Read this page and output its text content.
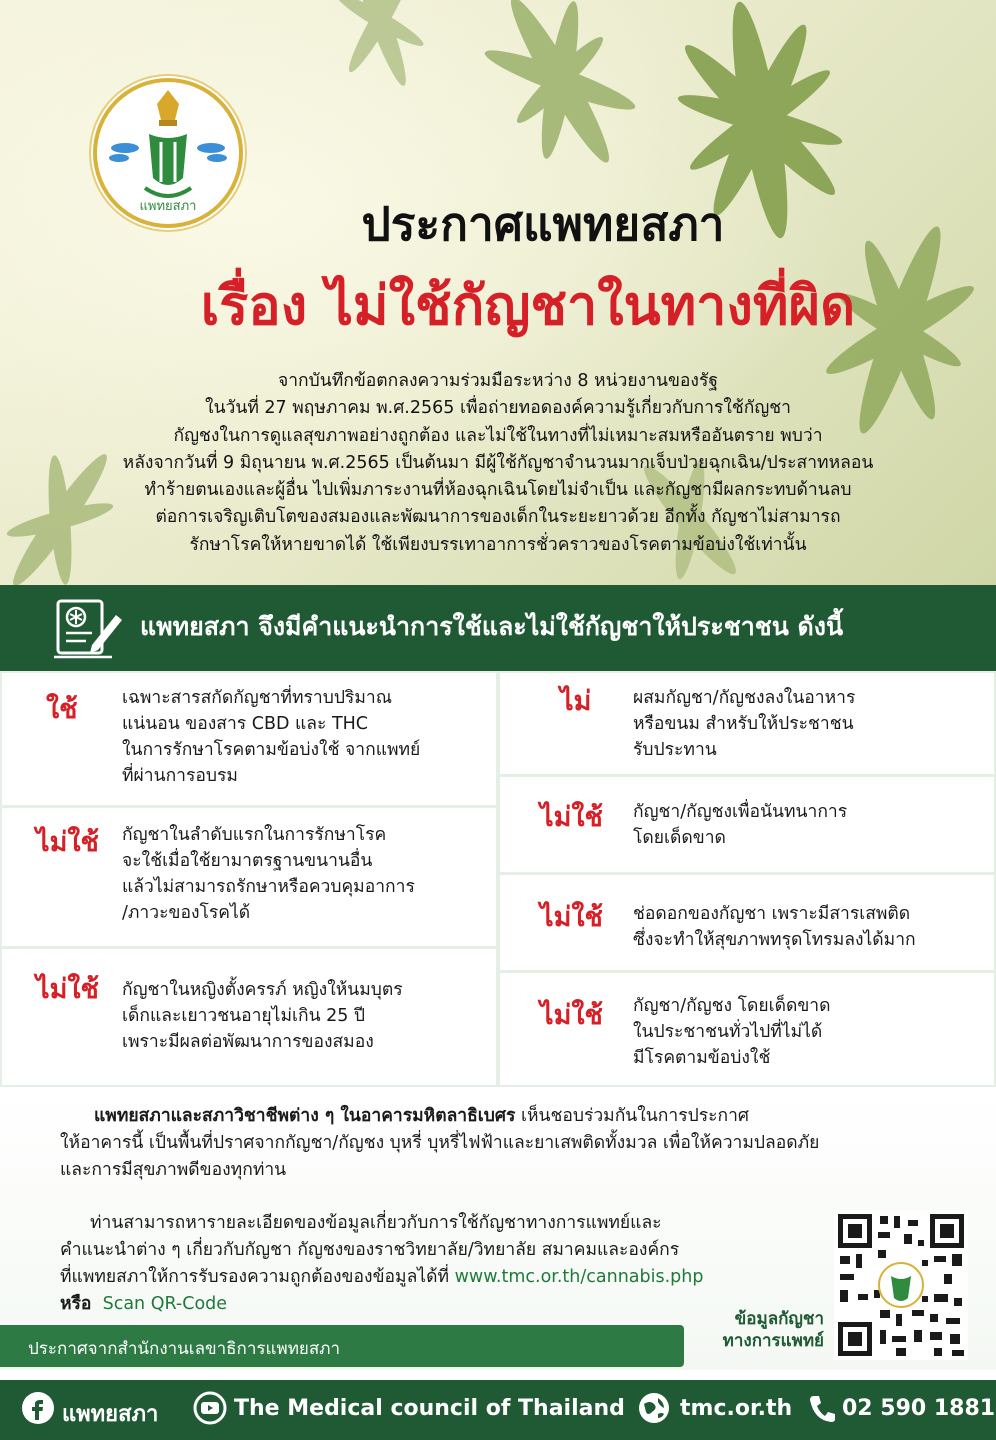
แพทยสภา	ประกาศแพทยสภา
เรื่อง ไม่ใช้กัญชาในทางที่ผิด
จากบันทึกข้อตกลงความร่วมมือระหว่าง 8 หน่วยงานของรัฐ
ในวันที่ 27 พฤษภาคม พ.ศ.2565 เพื่อถ่ายทอดองค์ความรู้เกี่ยวกับการใช้กัญชา
กัญชงในการดูแลสุขภาพอย่างถูกต้อง และไม่ใช้ในทางที่ไม่เหมาะสมหรืออันตราย พบว่า
หลังจากวันที่ 9 มิถุนายน พ.ศ.2565 เป็นต้นมา มีผู้ใช้กัญชาจำนวนมากเจ็บป่วยฉุกเฉิน/ประสาทหลอน
ทำร้ายตนเองและผู้อื่น ไปเพิ่มภาระงานที่ห้องฉุกเฉินโดยไม่จำเป็น และกัญชามีผลกระทบด้านลบ
ต่อการเจริญเติบโตของสมองและพัฒนาการของเด็กในระยะยาวด้วย อีกทั้ง กัญชาไม่สามารถ
รักษาโรคให้หายขาดได้ ใช้เพียงบรรเทาอาการชั่วคราวของโรคตามข้อบ่งใช้เท่านั้น
แพทยสภา จึงมีคำแนะนำการใช้และไม่ใช้กัญชาให้ประชาชน ดังนี้
ใช้	เฉพาะสารสกัดกัญชาที่ทราบปริมาณ
แน่นอน ของสาร CBD และ THC
ในการรักษาโรคตามข้อบ่งใช้ จากแพทย์
ที่ผ่านการอบรม
ไม่ใช้ กัญชาในลำดับแรกในการรักษาโรค
จะใช้เมื่อใช้ยามาตรฐานขนานอื่น
แล้วไม่สามารถรักษาหรือควบคุมอาการ
/ภาวะของโรคได้
ไม่ใช้ กัญชาในหญิงตั้งครรภ์ หญิงให้นมบุตร
เด็กและเยาวชนอายุไม่เกิน 25 ปี
เพราะมีผลต่อพัฒนาการของสมอง
ไม่ ผสมกัญชา/กัญชงลงในอาหาร
หรือขนม สำหรับให้ประชาชน
รับประทาน
ไม่ใช้ กัญชา/กัญชงเพื่อนันทนาการ
โดยเด็ดขาด
ไม่ใช้ ช่อดอกของกัญชา เพราะมีสารเสพติด
ซึ่งจะทำให้สุขภาพทรุดโทรมลงได้มาก
ไม่ใช้ กัญชา/กัญชง โดยเด็ดขาด
ในประชาชนทั่วไปที่ไม่ได้
มีโรคตามข้อบ่งใช้
แพทยสภาและสภาวิชาชีพต่าง ๆ ในอาคารมหิตลาธิเบศร เห็นชอบร่วมกันในการประกาศ
ให้อาคารนี้ เป็นพื้นที่ปราศจากกัญชา/กัญชง บุหรี่ บุหรี่ไฟฟ้าและยาเสพติดทั้งมวล เพื่อให้ความปลอดภัย
และการมีสุขภาพดีของทุกท่าน
ท่านสามารถหารายละเอียดของข้อมูลเกี่ยวกับการใช้กัญชาทางการแพทย์และ
คำแนะนำต่าง ๆ เกี่ยวกับกัญชา กัญชงของราชวิทยาลัย/วิทยาลัย สมาคมและองค์กร
ที่แพทยสภาให้การรับรองความถูกต้องของข้อมูลได้ที่ www.tmc.or.th/cannabis.php
หรือ Scan QR-Code
ข้อมูลกัญชา
ทางการแพทย์
ประกาศจากสำนักงานเลขาธิการแพทยสภา
แพทยสภา	The Medical council of Thailand	tmc.or.th 02 590 1881
